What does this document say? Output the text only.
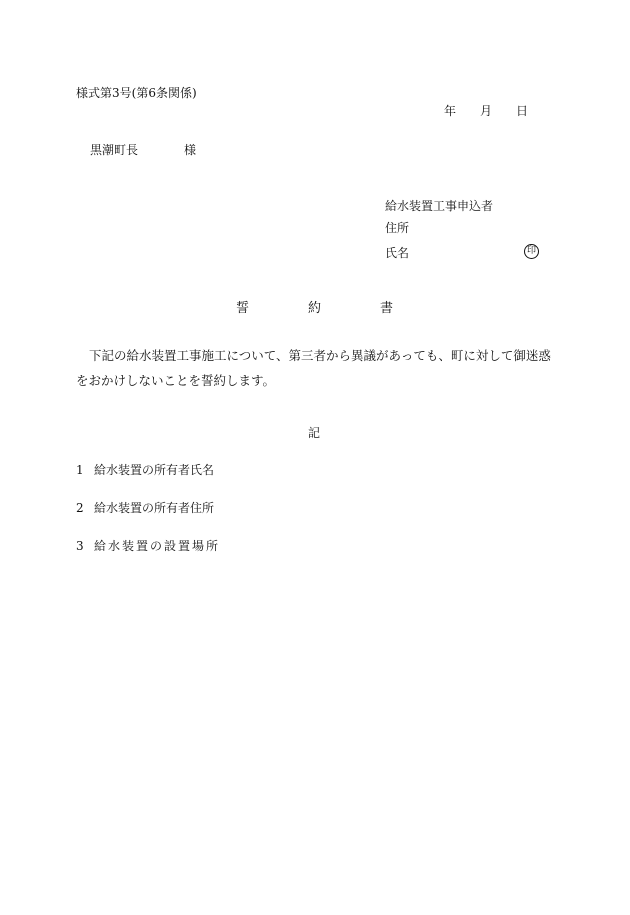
様式第3号(第6条関係)
年 月 日
黒潮町長	様
給水装置工事申込者
住所
氏名	印
誓	約	書
下記の給水装置工事施工について、第三者から異議があっても、町に対して御迷惑をおかけしないことを誓約します。
記
1 給水装置の所有者氏名
2 給水装置の所有者住所
3 給水装置の設置場所
